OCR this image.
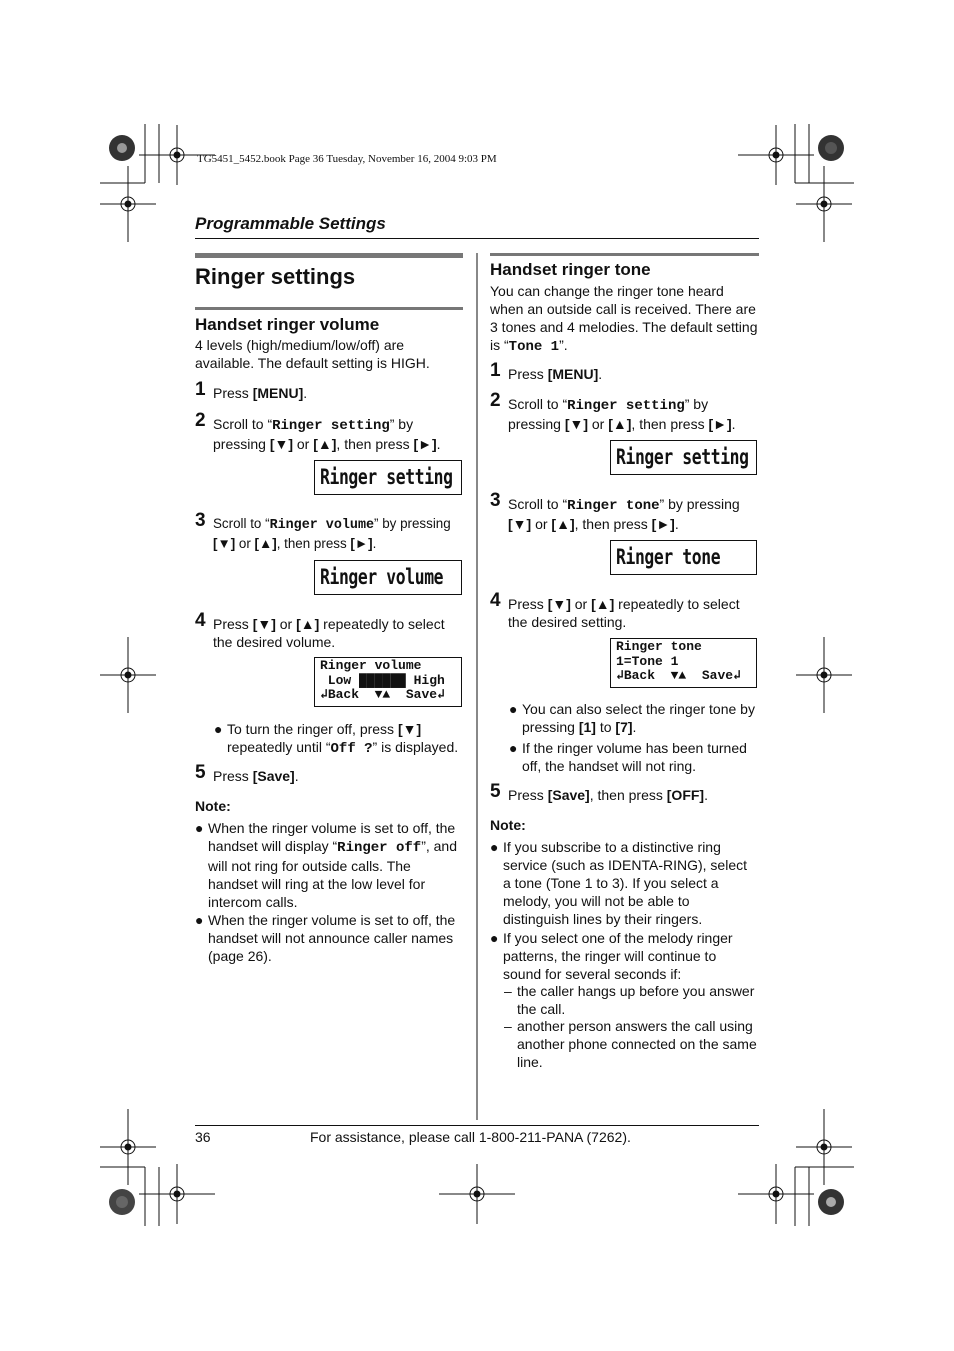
TG5451_5452.book Page 36 Tuesday, November 16, 2004 9:03 PM
Programmable Settings
Ringer settings
Handset ringer volume
4 levels (high/medium/low/off) are available. The default setting is HIGH.
1 Press [MENU].
2 Scroll to “Ringer setting” by pressing [▼] or [▲], then press [►].
Ringer setting
3 Scroll to “Ringer volume” by pressing [▼] or [▲], then press [►].
Ringer volume
4 Press [▼] or [▲] repeatedly to select the desired volume.
Ringer volume
Low ██████ High
↲Back  ▼▲  Save↲
● To turn the ringer off, press [▼] repeatedly until “Off ?” is displayed.
5 Press [Save].
Note:
● When the ringer volume is set to off, the handset will display “Ringer off”, and will not ring for outside calls. The handset will ring at the low level for intercom calls.
● When the ringer volume is set to off, the handset will not announce caller names (page 26).
Handset ringer tone
You can change the ringer tone heard when an outside call is received. There are 3 tones and 4 melodies. The default setting is “Tone 1”.
1 Press [MENU].
2 Scroll to “Ringer setting” by pressing [▼] or [▲], then press [►].
Ringer setting
3 Scroll to “Ringer tone” by pressing [▼] or [▲], then press [►].
Ringer tone
4 Press [▼] or [▲] repeatedly to select the desired setting.
Ringer tone
1=Tone 1
↲Back  ▼▲  Save↲
● You can also select the ringer tone by pressing [1] to [7].
● If the ringer volume has been turned off, the handset will not ring.
5 Press [Save], then press [OFF].
Note:
● If you subscribe to a distinctive ring service (such as IDENTA-RING), select a tone (Tone 1 to 3). If you select a melody, you will not be able to distinguish lines by their ringers.
● If you select one of the melody ringer patterns, the ringer will continue to sound for several seconds if:
– the caller hangs up before you answer the call.
– another person answers the call using another phone connected on the same line.
36	For assistance, please call 1-800-211-PANA (7262).
